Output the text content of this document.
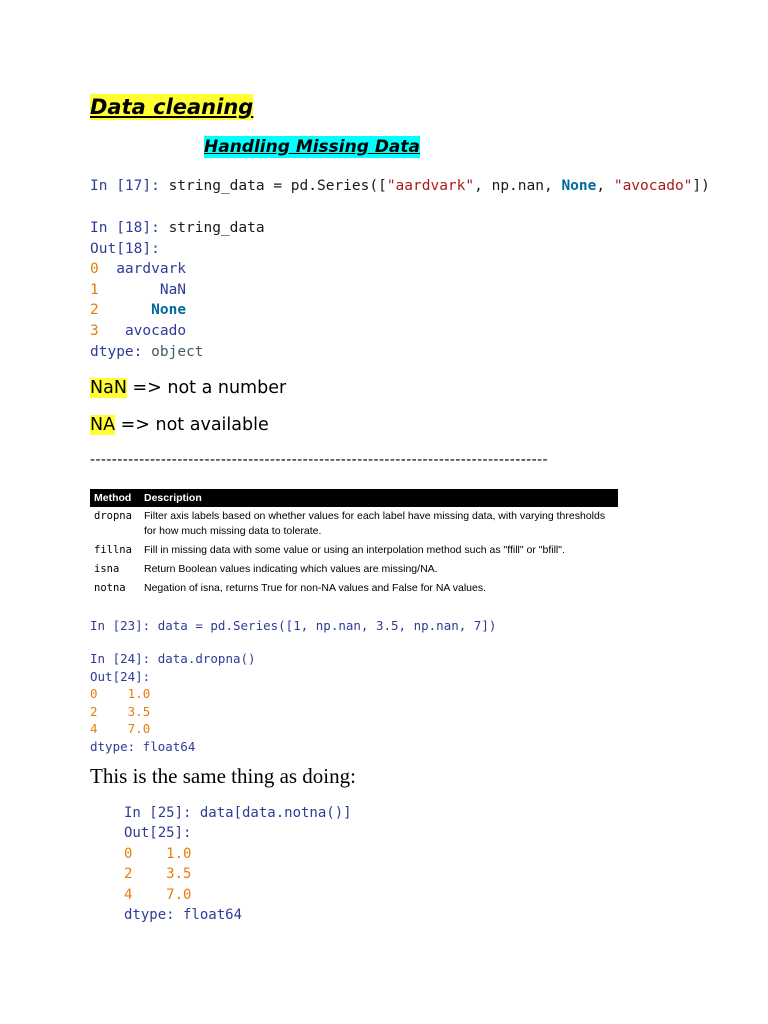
Data cleaning
Handling Missing Data
In [17]: string_data = pd.Series(["aardvark", np.nan, None, "avocado"])
In [18]: string_data
Out[18]:
0 aardvark
1	NaN
2	None
3 avocado
dtype: object
NaN => not a number
NA => not available
------------------------------------------------------------------------------------
Method	Description
dropna	Filter axis labels based on whether values for each label have missing data, with varying thresholds for how much missing data to tolerate.
fillna	Fill in missing data with some value or using an interpolation method such as "ffill" or "bfill".
isna	Return Boolean values indicating which values are missing/NA.
notna	Negation of isna, returns True for non-NA values and False for NA values.
In [23]: data = pd.Series([1, np.nan, 3.5, np.nan, 7])
In [24]: data.dropna()
Out[24]:
0 1.0
2 3.5
4 7.0
dtype: float64
This is the same thing as doing:
In [25]: data[data.notna()]
Out[25]:
0 1.0
2 3.5
4 7.0
dtype: float64
